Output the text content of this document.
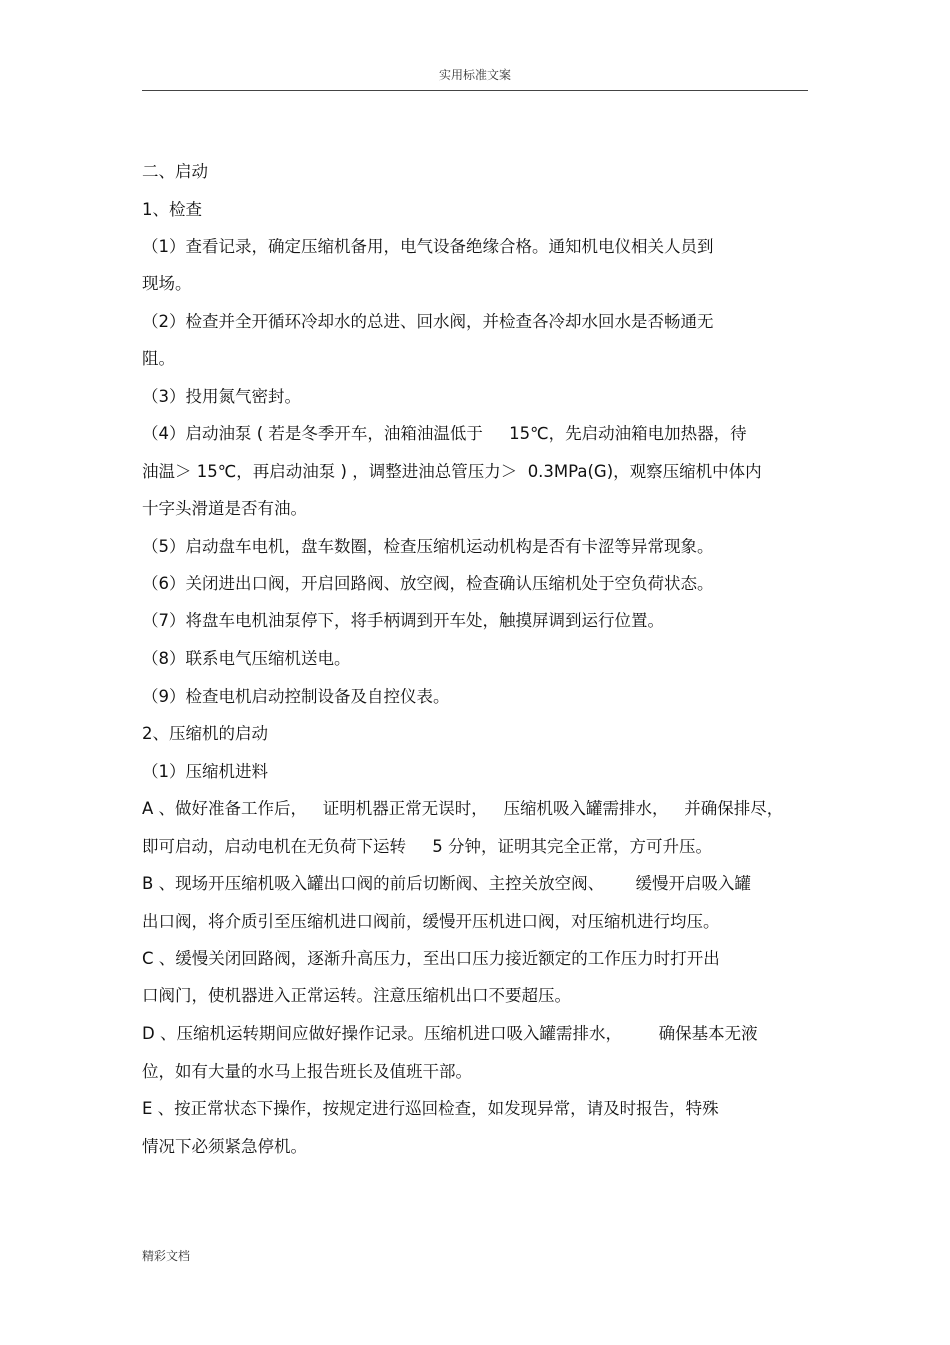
实用标准文案
二、启动
1、检查
（1）查看记录，确定压缩机备用，电气设备绝缘合格。通知机电仪相关人员到
现场。
（2）检查并全开循环冷却水的总进、回水阀，并检查各冷却水回水是否畅通无
阻。
（3）投用氮气密封。
（4）启动油泵 ( 若是冬季开车，油箱油温低于     15℃，先启动油箱电加热器，待
油温＞ 15℃，再启动油泵 ) ，调整进油总管压力＞  0.3MPa(G)，观察压缩机中体内
十字头滑道是否有油。
（5）启动盘车电机，盘车数圈，检查压缩机运动机构是否有卡涩等异常现象。
（6）关闭进出口阀，开启回路阀、放空阀，检查确认压缩机处于空负荷状态。
（7）将盘车电机油泵停下，将手柄调到开车处，触摸屏调到运行位置。
（8）联系电气压缩机送电。
（9）检查电机启动控制设备及自控仪表。
2、压缩机的启动
（1）压缩机进料
A 、做好准备工作后，   证明机器正常无误时，   压缩机吸入罐需排水，   并确保排尽，
即可启动，启动电机在无负荷下运转     5 分钟，证明其完全正常，方可升压。
B 、现场开压缩机吸入罐出口阀的前后切断阀、主控关放空阀、      缓慢开启吸入罐
出口阀，将介质引至压缩机进口阀前，缓慢开压机进口阀，对压缩机进行均压。
C 、缓慢关闭回路阀，逐渐升高压力，至出口压力接近额定的工作压力时打开出
口阀门，使机器进入正常运转。注意压缩机出口不要超压。
D 、压缩机运转期间应做好操作记录。压缩机进口吸入罐需排水，       确保基本无液
位，如有大量的水马上报告班长及值班干部。
E 、按正常状态下操作，按规定进行巡回检查，如发现异常，请及时报告，特殊
情况下必须紧急停机。
精彩文档
